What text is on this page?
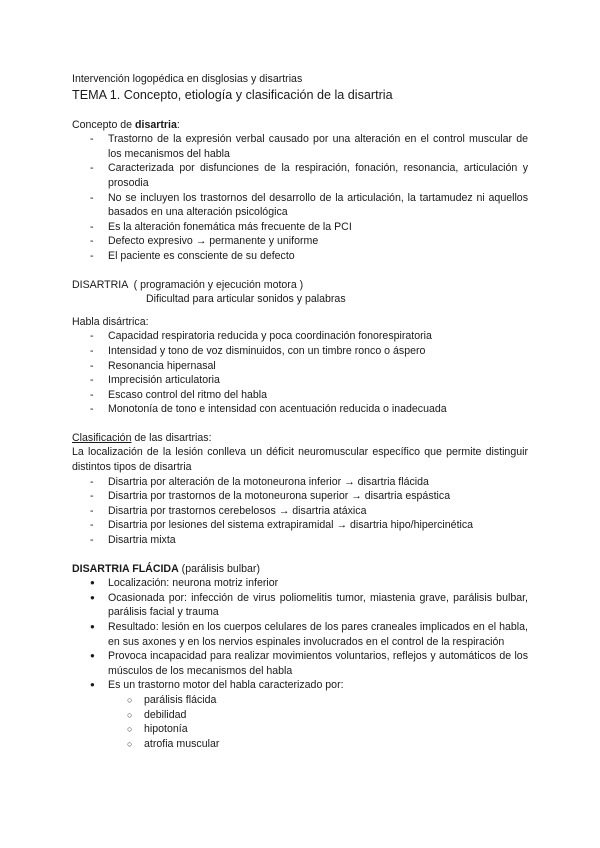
Intervención logopédica en disglosias y disartrias

TEMA 1. Concepto, etiología y clasificación de la disartria

Concepto de disartria:

- Trastorno de la expresión verbal causado por una alteración en el control muscular de los mecanismos del habla
- Caracterizada por disfunciones de la respiración, fonación, resonancia, articulación y prosodia
- No se incluyen los trastornos del desarrollo de la articulación, la tartamudez ni aquellos basados en una alteración psicológica
- Es la alteración fonemática más frecuente de la PCI
- Defecto expresivo → permanente y uniforme
- El paciente es consciente de su defecto

DISARTRIA  ( programación y ejecución motora )

Dificultad para articular sonidos y palabras

Habla disártrica:

- Capacidad respiratoria reducida y poca coordinación fonorespiratoria
- Intensidad y tono de voz disminuidos, con un timbre ronco o áspero
- Resonancia hipernasal
- Imprecisión articulatoria
- Escaso control del ritmo del habla
- Monotonía de tono e intensidad con acentuación reducida o inadecuada

Clasificación de las disartrias:

La localización de la lesión conlleva un déficit neuromuscular específico que permite distinguir distintos tipos de disartria

- Disartria por alteración de la motoneurona inferior → disartria flácida
- Disartria por trastornos de la motoneurona superior → disartria espástica
- Disartria por trastornos cerebelosos → disartria atáxica
- Disartria por lesiones del sistema extrapiramidal → disartria hipo/hipercinética
- Disartria mixta

DISARTRIA FLÁCIDA (parálisis bulbar)

● Localización: neurona motriz inferior
● Ocasionada por: infección de virus poliomelitis tumor, miastenia grave, parálisis bulbar, parálisis facial y trauma
● Resultado: lesión en los cuerpos celulares de los pares craneales implicados en el habla, en sus axones y en los nervios espinales involucrados en el control de la respiración
● Provoca incapacidad para realizar movimientos voluntarios, reflejos y automáticos de los músculos de los mecanismos del habla
● Es un trastorno motor del habla caracterizado por:
○ parálisis flácida
○ debilidad
○ hipotonía
○ atrofia muscular
